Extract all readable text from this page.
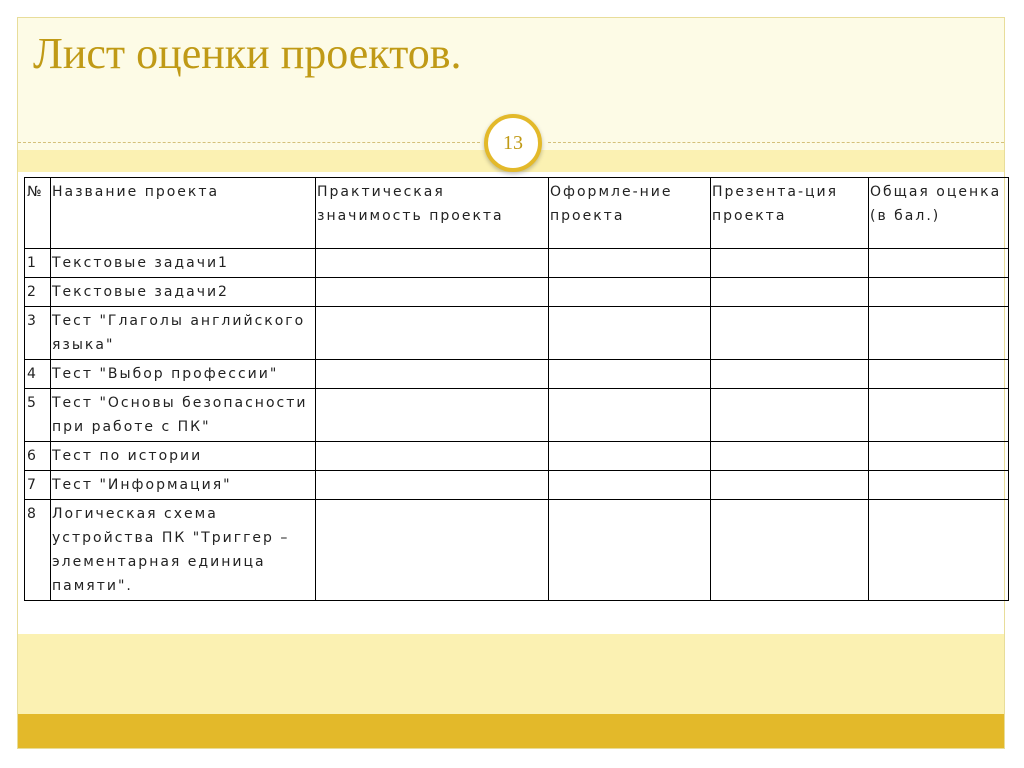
Лист оценки проектов.
13
№	Название проекта	Практическая значимость проекта	Оформле-ние проекта	Презента-ция проекта	Общая оценка (в бал.)
1	Текстовые задачи1				
2	Текстовые задачи2				
3	Тест "Глаголы английского языка"				
4	Тест "Выбор профессии"				
5	Тест "Основы безопасности при работе с ПК"				
6	Тест по истории				
7	Тест "Информация"				
8	Логическая схема устройства ПК "Триггер – элементарная единица памяти".				
